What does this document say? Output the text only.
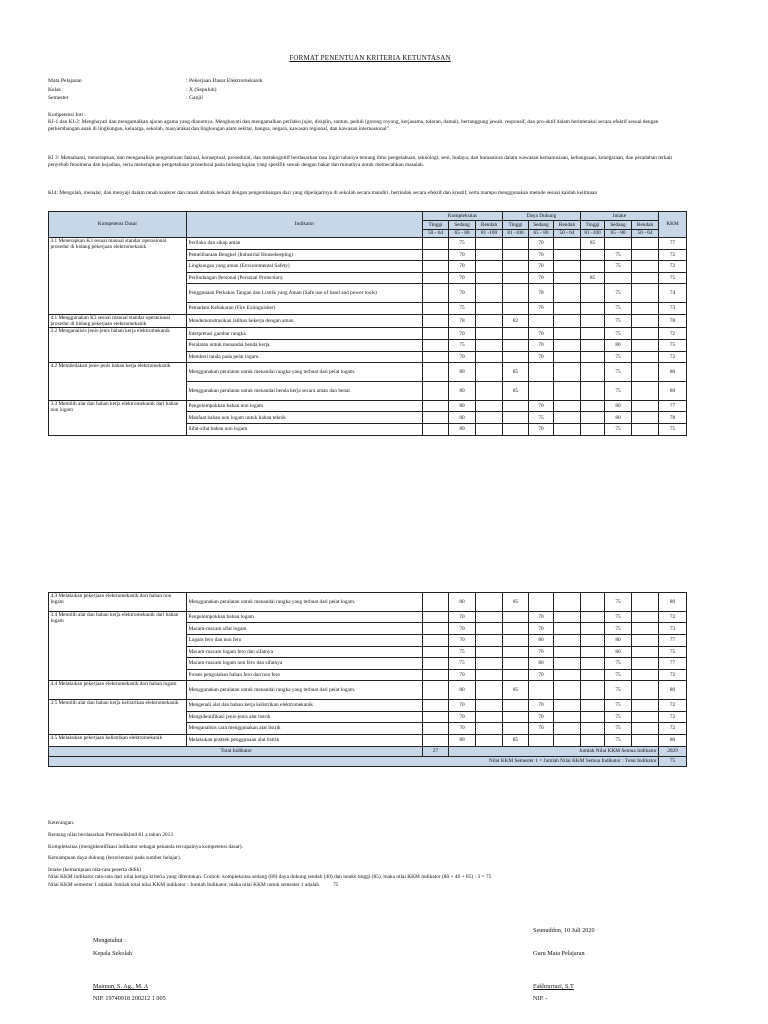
FORMAT PENENTUAN KRITERIA KETUNTASAN
Mata Pelajaran	: Pekerjaan Dasar Elektromekanik
Kelas	: X (Sepuluh)
Semester	: Ganjil
Kompetensi Inti :
KI-1 dan KI-2: Menghayati dan mengamalkan ajaran agama yang dianutnya. Menghayati dan mengamalkan perilaku jujur, disiplin, santun, peduli (gotong royong, kerjasama, toleran, damai), bertanggung jawab, responsif, dan pro-aktif dalam berinteraksi secara efektif sesuai dengan perkembangan anak di lingkungan, keluarga, sekolah, masyarakat dan lingkungan alam sekitar, bangsa, negara, kawasan regional, dan kawasan internasional".
KI 3: Memahami, menerapkan, dan menganalisis pengetahuan faktual, konseptual, prosedural, dan metakognitif berdasarkan rasa ingin tahunya tentang ilmu pengetahuan, teknologi, seni, budaya, dan humaniora dalam wawasan kemanusiaan, kebangsaan, kenegaraan, dan peradaban terkait penyebab fenomena dan kejadian, serta menerapkan pengetahuan prosedural pada bidang kajian yang spesifik sesuai dengan bakat dan minatnya untuk memecahkan masalah.
KI4: Mengolah, menalar, dan menyaji dalam ranah konkret dan ranah abstrak terkait dengan pengembangan dari yang dipelajarinya di sekolah secara mandiri, bertindak secara efektif dan kreatif, serta mampu menggunakan metode sesuai kaidah keilmuan
Kompetensi Dasar	Indikator	Kompleksitas			Daya Dukung			Intake			KKM
		Tinggi	Sedang	Rendah	Tinggi	Sedang	Rendah	Tinggi	Sedang	Rendah	
		50 - 64	65 - 80	81 -100	81 -100	65 - 80	50 - 64	81 -100	65 - 80	50 - 64	
3.1 Menerapkan K3 sesuai manual standar operasional prosedur di bidang pekerjaan elektromekanik	Perilaku dan sikap aman		75			70		85			77
	Pemeliharaan Bengkel (Industrial Housekeeping)		70			70			75		72
	Lingkungan yang aman (Environmental Safety)		70			70			75		72
	Perlindungan Personal (Personal Protection)		70			70		85			75
	Penggunaan Perkakas Tangan dan Listrik yang Aman (Safe use of hand and power tools)		70			78			75		74
	Pemadam Kebakaran (Fire Extinguisher)		75			70			75		73
4.1 Menggunakan K3 sesuai manual standar operasional prosedur di bidang pekerjaan elektromekanik	Mendemonstrasikan latihan bekerja dengan aman.		78		82				75		78
3.2 Menganalisis jenis-jenis bahan kerja elektromekanik	Interpretasi gambar rangka.		70			70			75		72
	Peralatan untuk menandai benda kerja.		75			70			80		75
	Memberi tanda pada pelat logam.		70			70			75		72
4.2 Membedakan jenis-jenis bahan kerja elektromekanik	Menggunakan peralatan untuk menandai rangka yang terbuat dari pelat logam.		80		85				75		80
	Menggunakan peralatan untuk menandai benda kerja secara aman dan benar.		80		85				75		80
3.3 Memilih alat dan bahan kerja elektromekanik dari bahan non logam	Pengelompokkan bahan non logam		80			70			80		77
	Manfaat bahan non logam untuk bahan teknik		80			75			80		78
	Sifat-sifat bahan non logam		80			70			75		75
4.3 Melakukan pekerjaan elektromekanik dari bahan non logam	Menggunakan peralatan untuk menandai rangka yang terbuat dari pelat logam.		80		85				75		80
3.4 Memilih alat dan bahan kerja elektromekanik dari bahan logam	Pengelompokkan bahan logam		70			70			75		72
	Macam-macam sifat logam		70			70			75		73
	Logam fero dan non fero		70			80			80		77
	Macam-macam logam fero dan sifatnya		75			70			80		75
	Macam-macam logam non fero dan sifatnya		75			80			75		77
	Proses pengolahan bahan fero dan non fero		70			70			75		72
4.4 Melakukan pekerjaan elektromekanik dari bahan logam	Menggunakan peralatan untuk menandai rangka yang terbuat dari pelat logam.		80		85				75		80
3.5 Memilih alat dan bahan kerja kelistrikan elektromekanik	Mengenali alat dan bahan kerja kelistrikan elektromekanik		70			70			75		72
	Mengidentifikasi jenis-jenis alat listrik		70			70			75		72
	Menganalisis cara menggunakan alat listrik		70			70			75		72
4.5 Melakukan pekerjaan kelistrikan elektromekanik	Melakukan praktek penggunaan alat listrik		80		85				75		80
Total Indikator		27	Jumlah Nilai KKM Semua Indikator								2029
Nilai KKM Semester 1 = Jumlah Nilai KKM Semua Indikator : Total Indikator											75

Keterangan:

Rentang nilai berdasarkan Permendikbud 81 a tahun 2013

Kompleksitas (mengidentifikasi indikator sebagai penanda tercapainya kompetensi dasar).

Kemampuan daya dukung (berorientasi pada sumber belajar).

Intake (kemampuan rata-rata peserta didik)

Nilai KKM indikator rata-rata dari nilai ketiga kriteria yang ditentukan. Contoh: kompleksitas sedang (80) daya dukung rendah (40) dan intake tinggi (85), maka nilai KKM indikator (80 + 40 + 85) : 3 = 75

Nilai KKM semester 1 adalah Jumlah total nilai KKM indikator : Jumlah Indikator, maka nilai KKM untuk semester 1 adalah	75

Seunuddon, 10 Juli 2020
Mengetahui :
Kepala Sekolah	Guru Mata Pelajaran
Maimun, S. Ag., M. A
NIP. 19740918 200212 1 005
Fakhrurrazi, S.T
NIP. -
